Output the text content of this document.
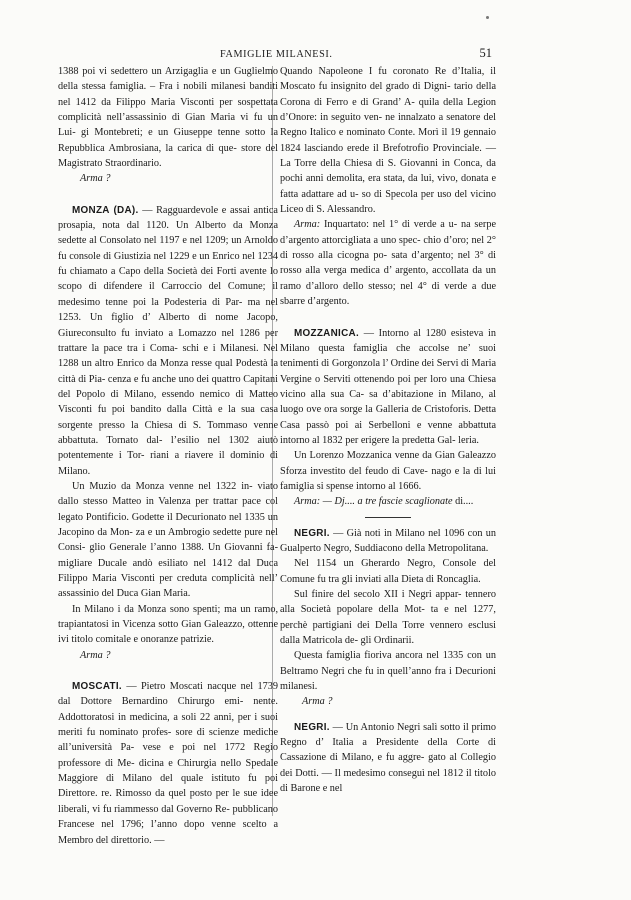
FAMIGLIE MILANESI.	51

1388 poi vi sedettero un Arzigaglia e un Guglielmo della stessa famiglia. – Fra i nobili milanesi banditi nel 1412 da Filippo Maria Visconti per sospettata complicità nell’assassinio di Gian Maria vi fu un Lui- gi Montebreti; e un Giuseppe tenne sotto la Repubblica Ambrosiana, la carica di que- store del Magistrato Straordinario.

Arma ?

MONZA (DA). — Ragguardevole e assai antica prosapia, nota dal 1120. Un Alberto da Monza sedette al Consolato nel 1197 e nel 1209; un Arnoldo fu console di Giustizia nel 1229 e un Enrico nel 1234 fu chiamato a Capo della Società dei Forti avente lo scopo di difendere il Carroccio del Comune; il medesimo tenne poi la Podesteria di Par- ma nel 1253. Un figlio d’ Alberto di nome Jacopo, Giureconsulto fu inviato a Lomazzo nel 1286 per trattare la pace tra i Coma- schi e i Milanesi. Nel 1288 un altro Enrico da Monza resse qual Podestà la città di Pia- cenza e fu anche uno dei quattro Capitani del Popolo di Milano, essendo nemico di Matteo Visconti fu poi bandito dalla Città e la sua casa sorgente presso la Chiesa di S. Tommaso venne abbattuta. Tornato dal- l’esilio nel 1302 aiutò potentemente i Tor- riani a riavere il dominio di Milano.

Un Muzio da Monza venne nel 1322 in- viato dallo stesso Matteo in Valenza per trattar pace col legato Pontificio. Godette il Decurionato nel 1335 un Jacopino da Mon- za e un Ambrogio sedette pure nel Consi- glio Generale l’anno 1388. Un Giovanni fa- migliare Ducale andò esiliato nel 1412 dal Duca Filippo Maria Visconti per creduta complicità nell’ assassinio del Duca Gian Maria.

In Milano i da Monza sono spenti; ma un ramo, trapiantatosi in Vicenza sotto Gian Galeazzo, ottenne ivi titolo comitale e onoranze patrizie.

Arma ?

MOSCATI. — Pietro Moscati nacque nel 1739 dal Dottore Bernardino Chirurgo emi- nente. Addottoratosi in medicina, a soli 22 anni, per i suoi meriti fu nominato profes- sore di scienze mediche all’università Pa- vese e poi nel 1772 Regio professore di Me- dicina e Chirurgia nello Spedale Maggiore di Milano del quale istituto fu poi Direttore. re. Rimosso da quel posto per le sue idee liberali, vi fu riammesso dal Governo Re- pubblicano Francese nel 1796; l’anno dopo venne scelto a Membro del direttorio. —

Quando Napoleone I fu coronato Re d’Italia, il Moscato fu insignito del grado di Digni- tario della Corona di Ferro e di Grand’ A- quila della Legion d’Onore: in seguito ven- ne innalzato a senatore del Regno Italico e nominato Conte. Morì il 19 gennaio 1824 lasciando erede il Brefotrofio Provinciale. — La Torre della Chiesa di S. Giovanni in Conca, da pochi anni demolita, era stata, da lui, vivo, donata e fatta adattare ad u- so di Specola per uso del vicino Liceo di S. Alessandro.

Arma: Inquartato: nel 1° di verde a u- na serpe d’argento attorcigliata a uno spec- chio d’oro; nel 2° di rosso alla cicogna po- sata d’argento; nel 3° di rosso alla verga medica d’ argento, accollata da un ramo d’alloro dello stesso; nel 4° di verde a due sbarre d’argento.

MOZZANICA. — Intorno al 1280 esisteva in Milano questa famiglia che accolse ne’ suoi tenimenti di Gorgonzola l’ Ordine dei Servi di Maria Vergine o Serviti ottenendo poi per loro una Chiesa vicino alla sua Ca- sa d’abitazione in Milano, al luogo ove ora sorge la Galleria de Cristoforis. Detta Casa passò poi ai Serbelloni e venne abbattuta intorno al 1832 per erigere la predetta Gal- leria.

Un Lorenzo Mozzanica venne da Gian Galeazzo Sforza investito del feudo di Cave- nago e la di lui famiglia si spense intorno al 1666.

Arma: — Dj.... a tre fascie scaglionate di....

NEGRI. — Già noti in Milano nel 1096 con un Gualperto Negro, Suddiacono della Metropolitana.

Nel 1154 un Gherardo Negro, Console del Comune fu tra gli inviati alla Dieta di Roncaglia.

Sul finire del secolo XII i Negri appar- tennero alla Società popolare della Mot- ta e nel 1277, perchè partigiani dei Della Torre vennero esclusi dalla Matricola de- gli Ordinarii.

Questa famiglia fioriva ancora nel 1335 con un Beltramo Negri che fu in quell’anno fra i Decurioni milanesi.

Arma ?

NEGRI. — Un Antonio Negri salì sotto il primo Regno d’ Italia a Presidente della Corte di Cassazione di Milano, e fu aggre- gato al Collegio dei Dotti. — Il medesimo conseguì nel 1812 il titolo di Barone e nel
